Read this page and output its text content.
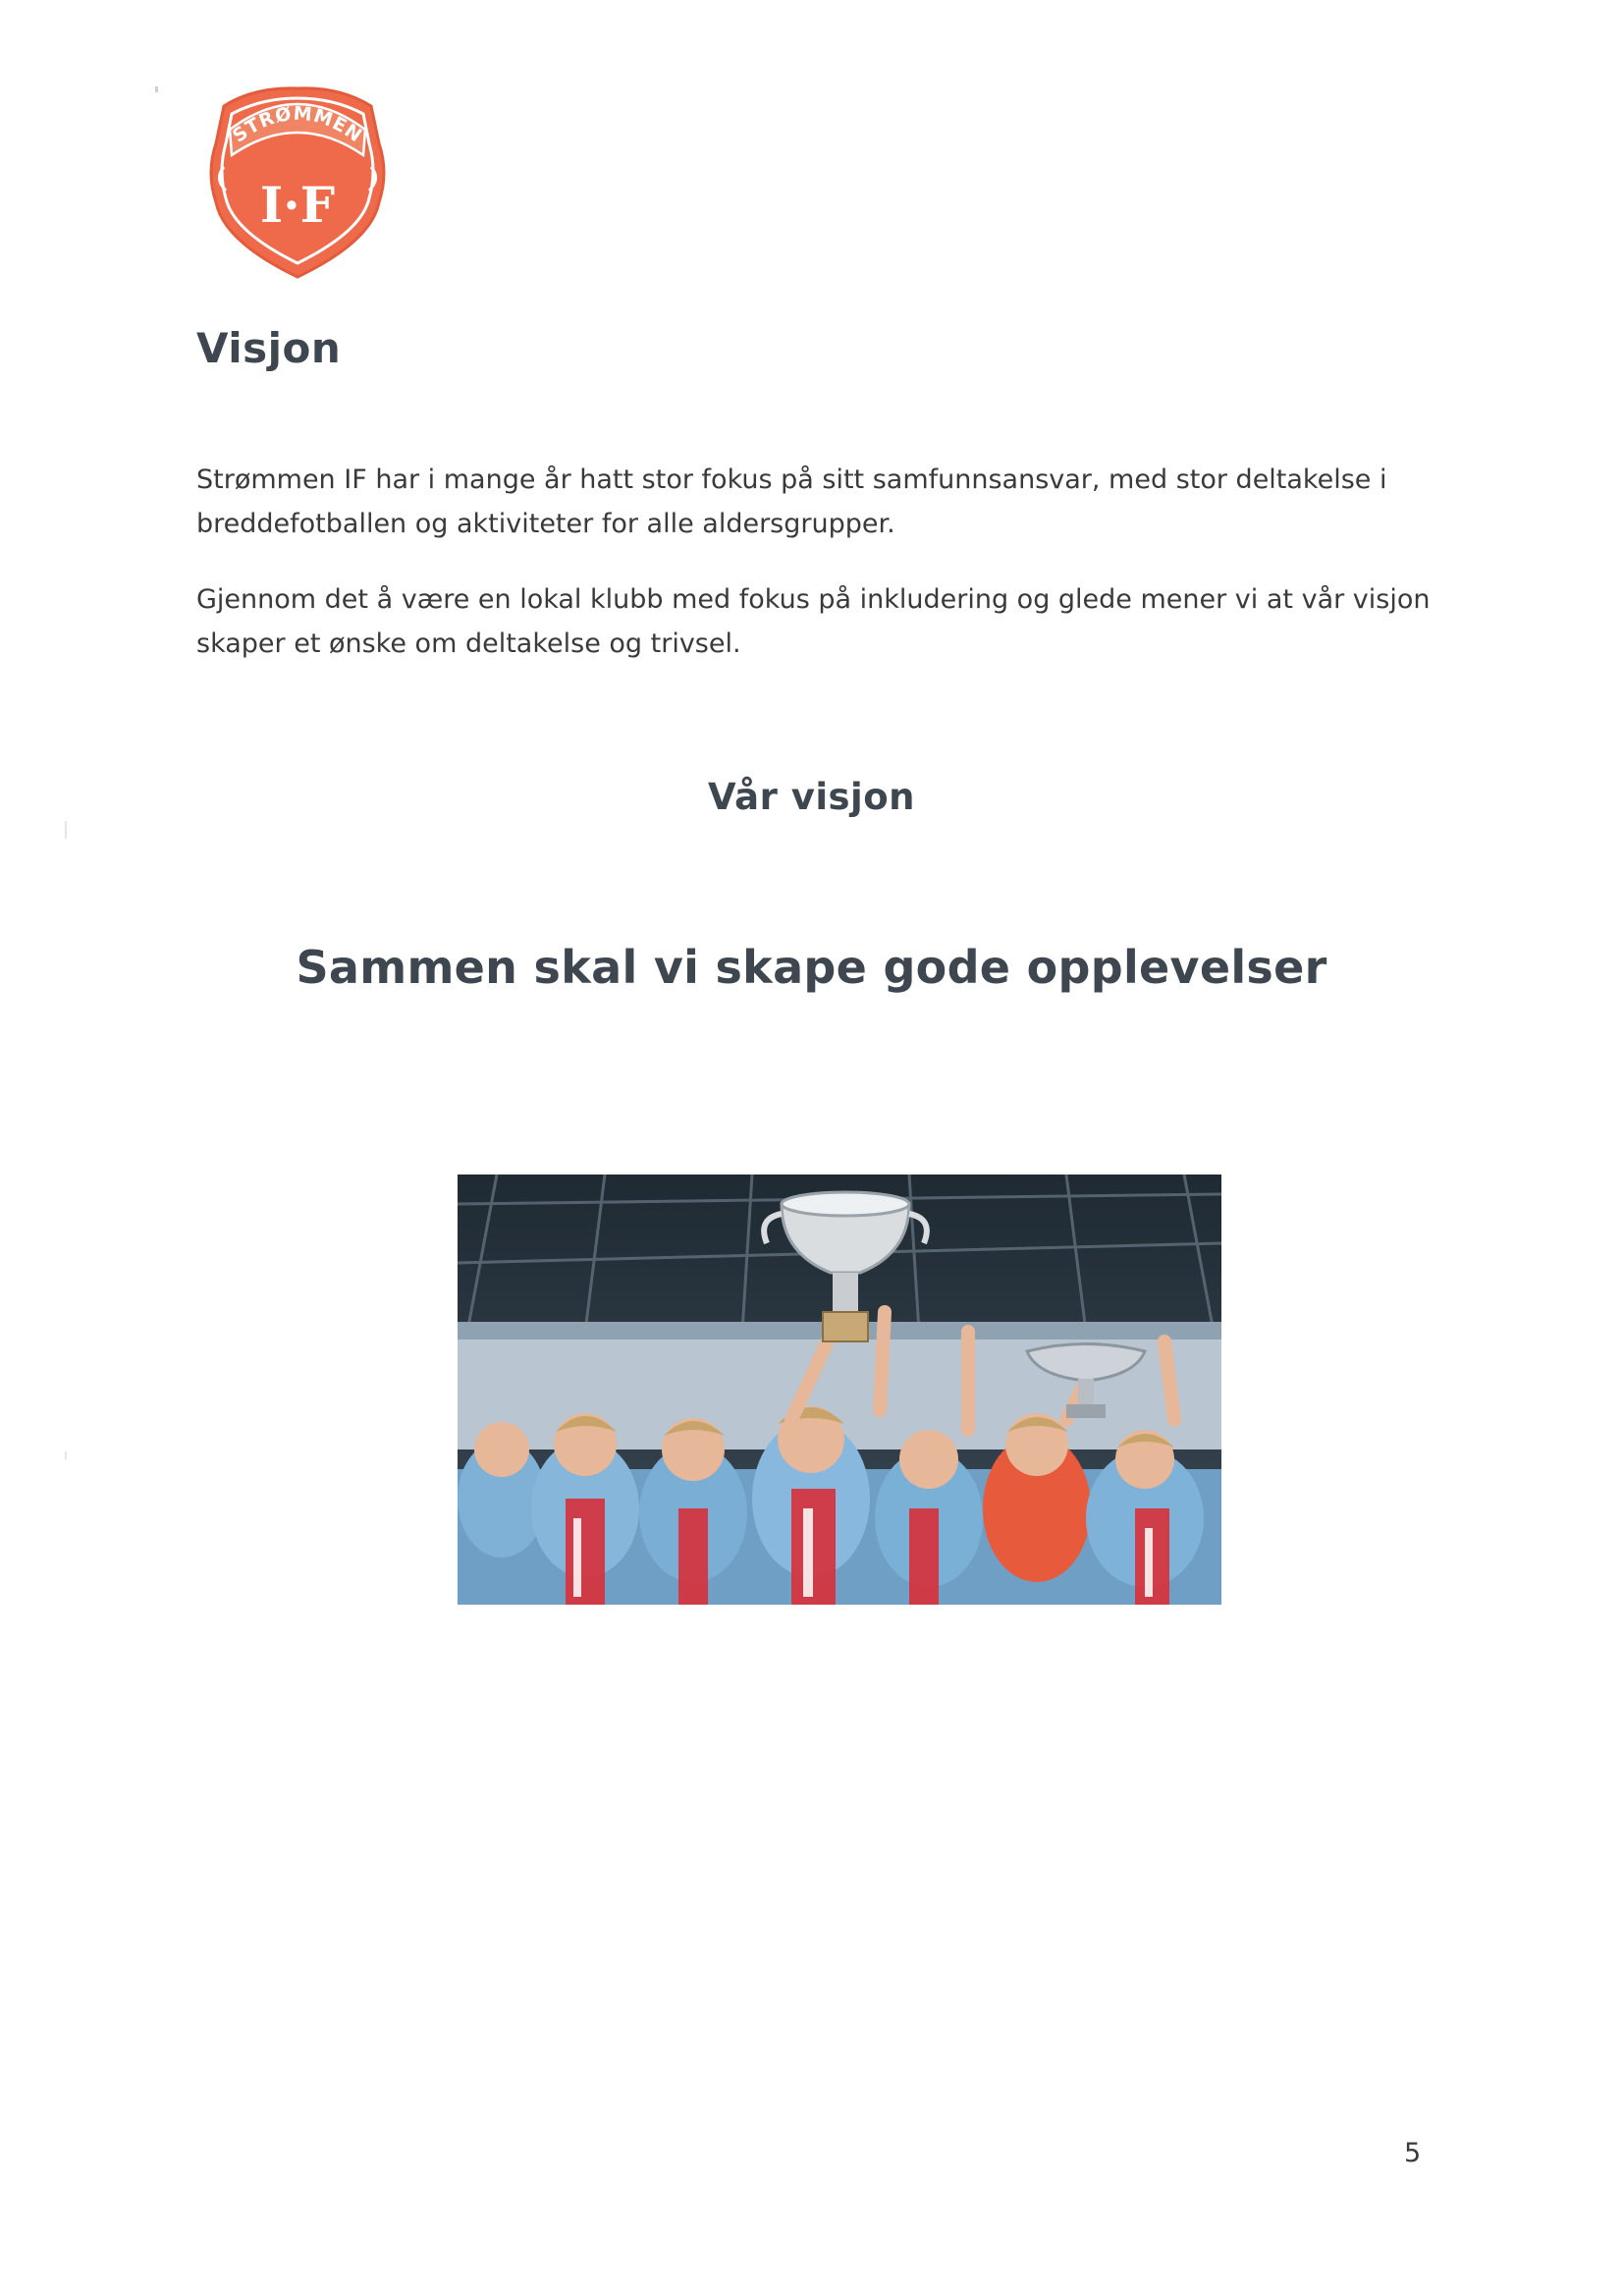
STRØMMEN
I·F
Visjon

Strømmen IF har i mange år hatt stor fokus på sitt samfunnsansvar, med stor deltakelse i breddefotballen og aktiviteter for alle aldersgrupper.

Gjennom det å være en lokal klubb med fokus på inkludering og glede mener vi at vår visjon skaper et ønske om deltakelse og trivsel.

Vår visjon
Sammen skal vi skape gode opplevelser
5
